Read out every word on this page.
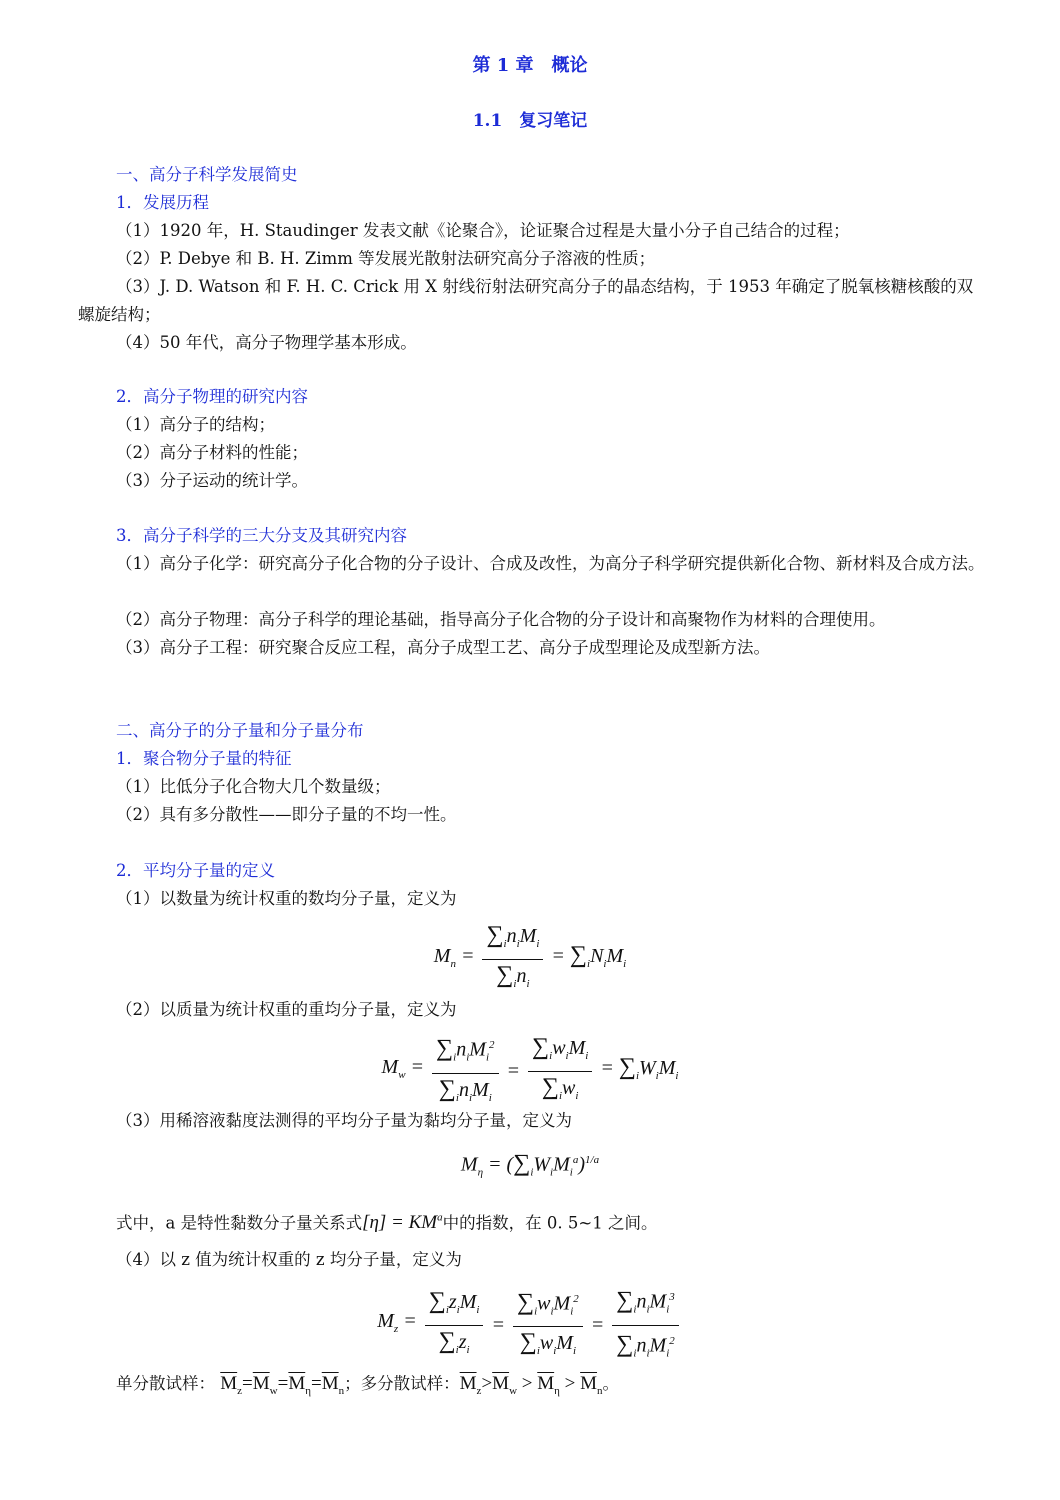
第 1 章　概论
1.1　复习笔记
一、高分子科学发展简史
1．发展历程
（1）1920 年，H. Staudinger 发表文献《论聚合》，论证聚合过程是大量小分子自己结合的过程；
（2）P. Debye 和 B. H. Zimm 等发展光散射法研究高分子溶液的性质；
（3）J. D. Watson 和 F. H. C. Crick 用 X 射线衍射法研究高分子的晶态结构，于 1953 年确定了脱氧核糖核酸的双螺旋结构；
（4）50 年代，高分子物理学基本形成。
2．高分子物理的研究内容
（1）高分子的结构；
（2）高分子材料的性能；
（3）分子运动的统计学。
3．高分子科学的三大分支及其研究内容
（1）高分子化学：研究高分子化合物的分子设计、合成及改性，为高分子科学研究提供新化合物、新材料及合成方法。
（2）高分子物理：高分子科学的理论基础，指导高分子化合物的分子设计和高聚物作为材料的合理使用。
（3）高分子工程：研究聚合反应工程，高分子成型工艺、高分子成型理论及成型新方法。
二、高分子的分子量和分子量分布
1．聚合物分子量的特征
（1）比低分子化合物大几个数量级；
（2）具有多分散性——即分子量的不均一性。
2．平均分子量的定义
（1）以数量为统计权重的数均分子量，定义为
$M_n = \frac{\sum_in_iM_i}{\sum_in_i} = \sum_iN_iM_i$
（2）以质量为统计权重的重均分子量，定义为
$M_w = \frac{\sum_in_iM_i^2}{\sum_in_iM_i} = \frac{\sum_iw_iM_i}{\sum_iw_i} = \sum_iW_iM_i$
（3）用稀溶液黏度法测得的平均分子量为黏均分子量，定义为
$M_\eta = (\sum_iW_iM_i^a)^{1/a}$
式中，a 是特性黏数分子量关系式$[\eta] = KM^a$中的指数，在 0. 5~1 之间。
（4）以 z 值为统计权重的 z 均分子量，定义为
$M_z = \frac{\sum_iz_iM_i}{\sum_iz_i} = \frac{\sum_iw_iM_i^2}{\sum_iw_iM_i} = \frac{\sum_in_iM_i^3}{\sum_in_iM_i^2}$
单分散试样： $\overline{M}_z=\overline{M}_w=\overline{M}_\eta=\overline{M}_n$；多分散试样：$\overline{M}_z>\overline{M}_w > \overline{M}_\eta > \overline{M}_n$。
